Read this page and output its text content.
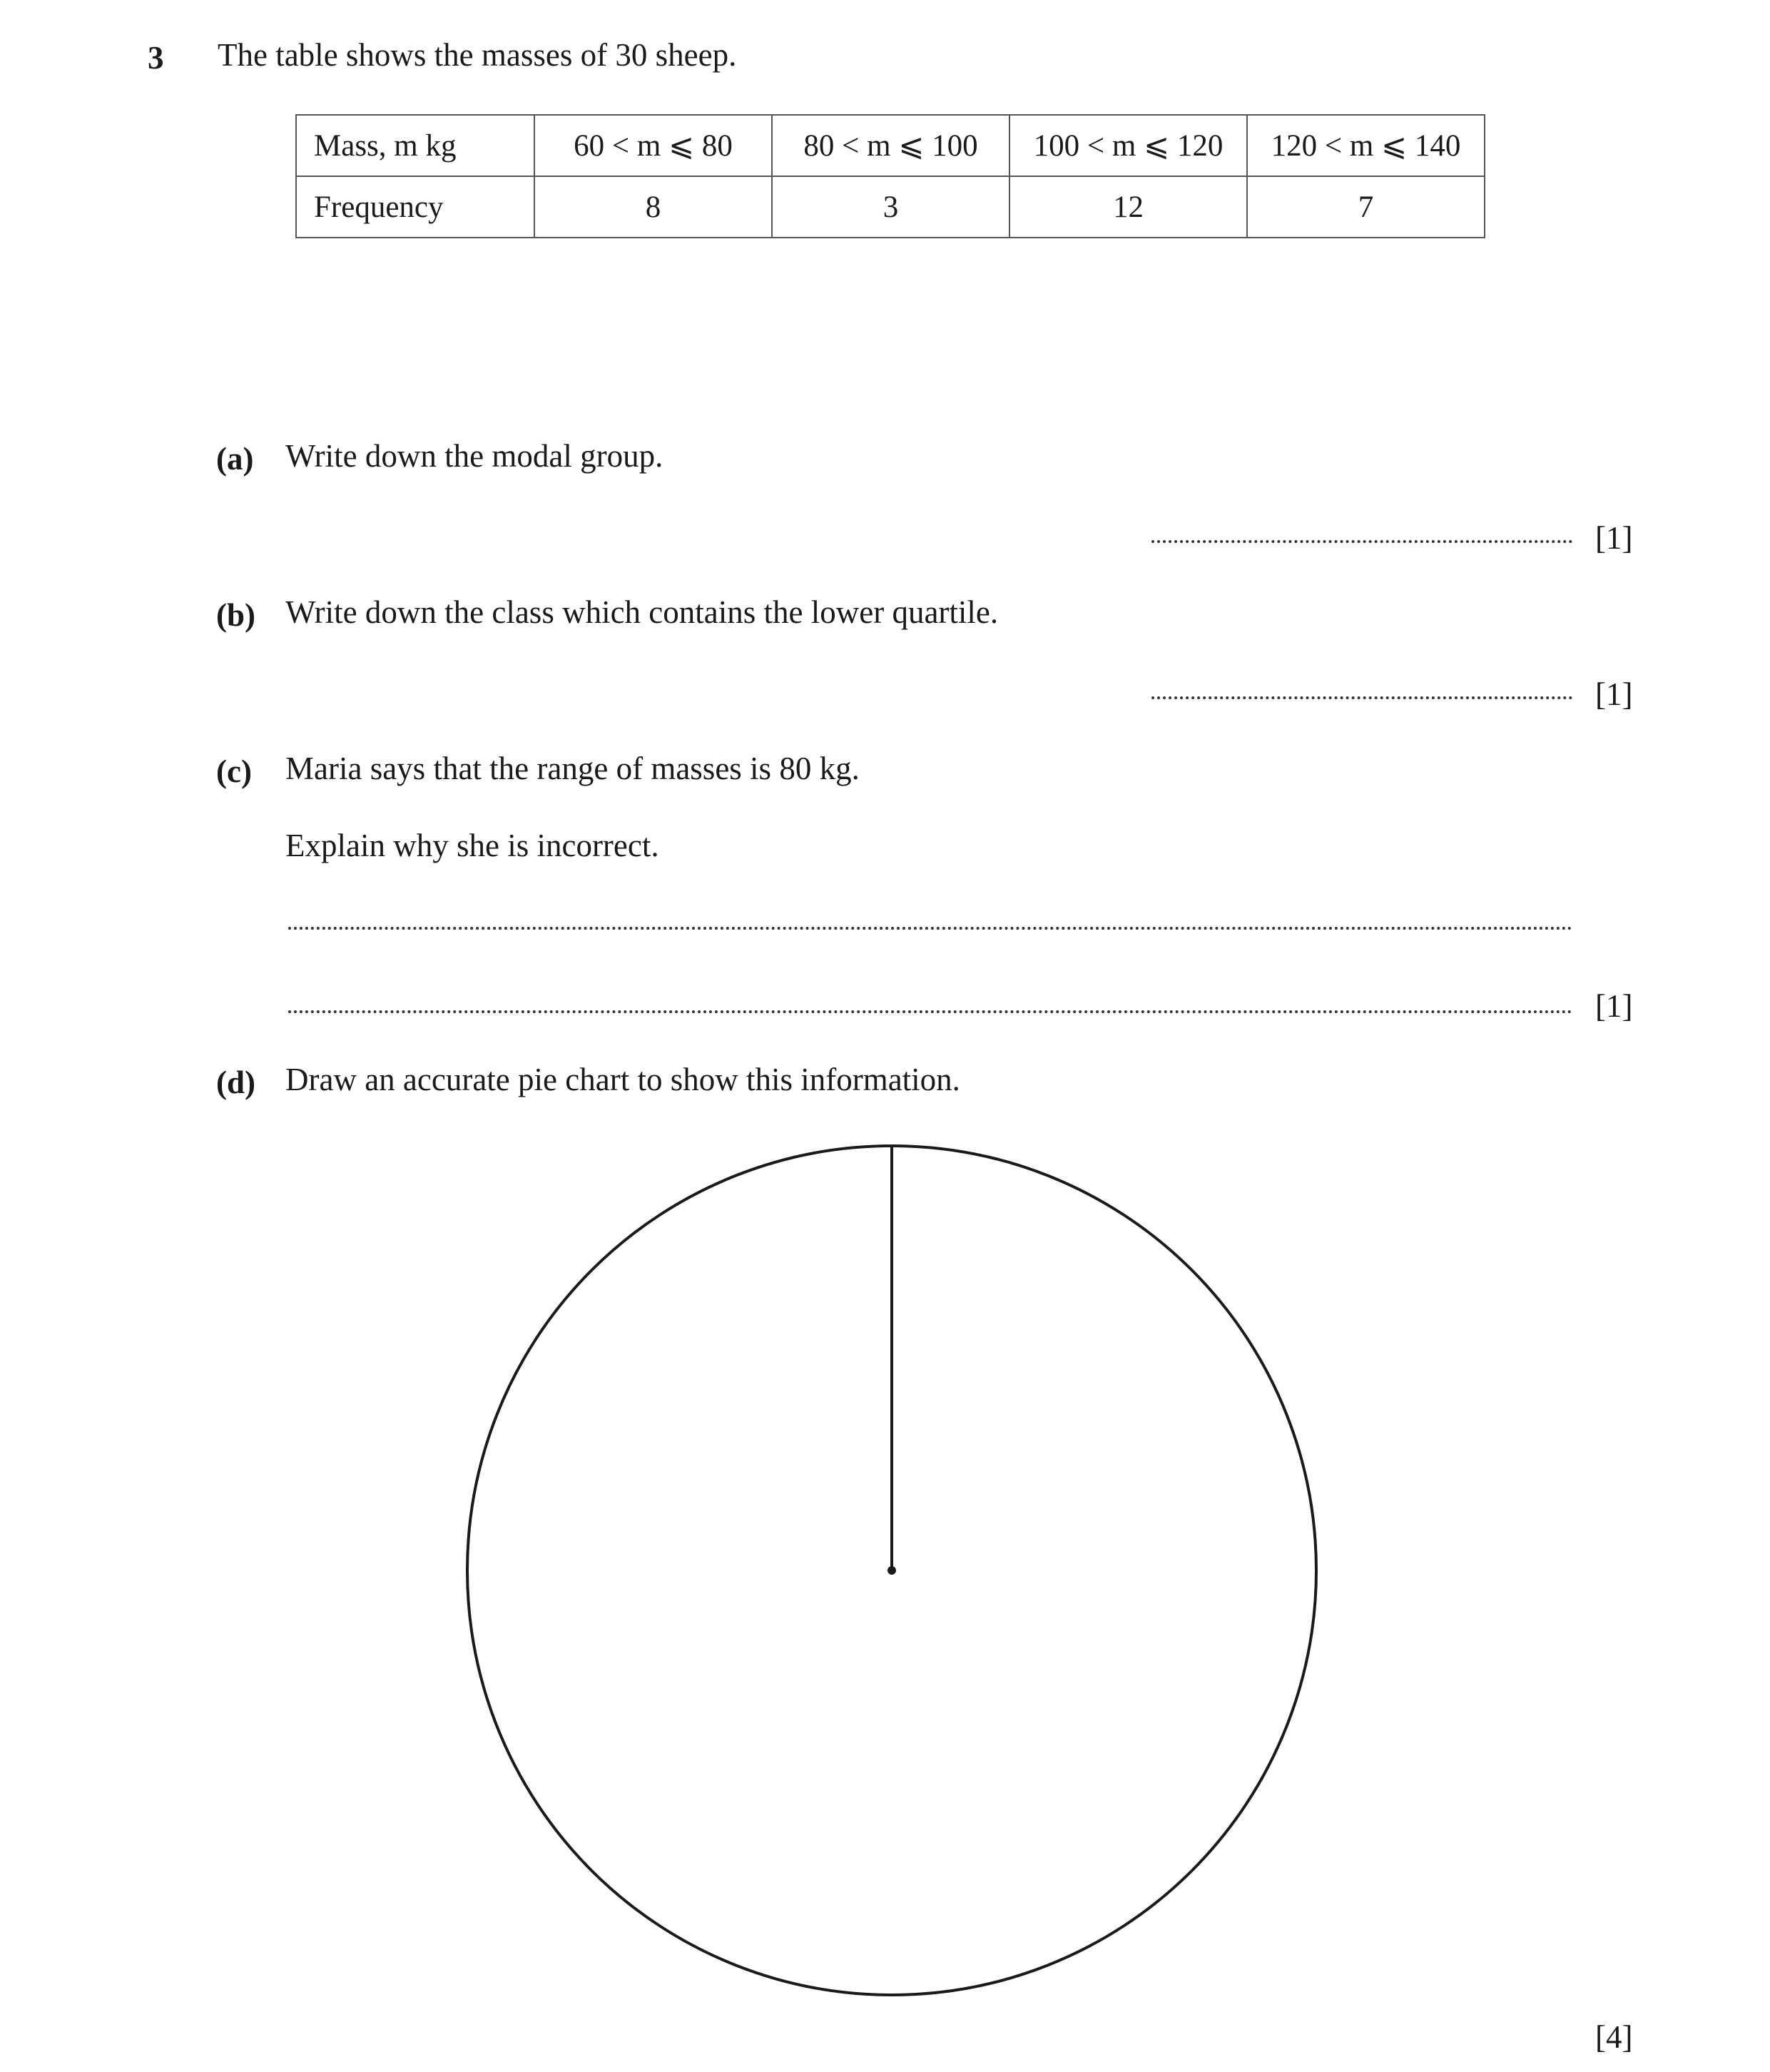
3 The table shows the masses of 30 sheep.
Mass, m kg	60 < m ⩽ 80	80 < m ⩽ 100	100 < m ⩽ 120	120 < m ⩽ 140
Frequency	8	3	12	7
(a) Write down the modal group.
[1]
(b) Write down the class which contains the lower quartile.
[1]
(c) Maria says that the range of masses is 80 kg.
Explain why she is incorrect.
[1]
(d) Draw an accurate pie chart to show this information.
[4]
